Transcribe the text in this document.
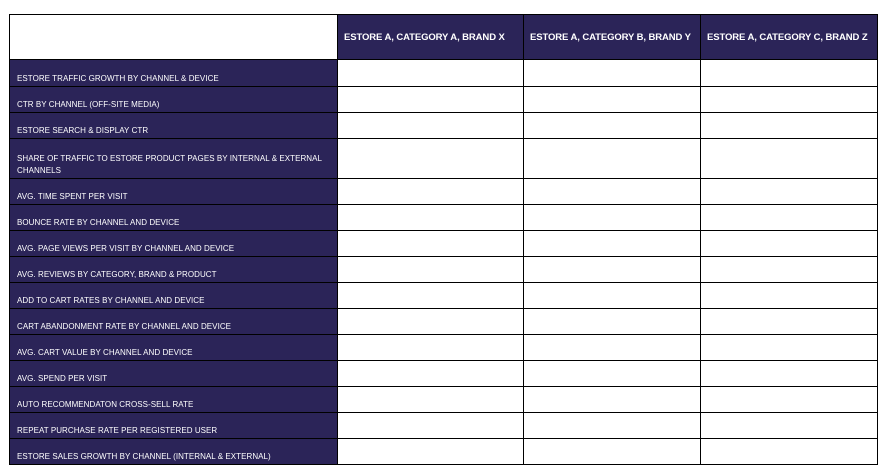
	ESTORE A, CATEGORY A, BRAND X	ESTORE A, CATEGORY B, BRAND Y	ESTORE A, CATEGORY C, BRAND Z
ESTORE TRAFFIC GROWTH BY CHANNEL & DEVICE			
CTR BY CHANNEL (OFF-SITE MEDIA)			
ESTORE SEARCH & DISPLAY CTR			
SHARE OF TRAFFIC TO ESTORE PRODUCT PAGES BY INTERNAL & EXTERNAL CHANNELS			
AVG. TIME SPENT PER VISIT			
BOUNCE RATE BY CHANNEL AND DEVICE			
AVG. PAGE VIEWS PER VISIT BY CHANNEL AND DEVICE			
AVG. REVIEWS BY CATEGORY, BRAND & PRODUCT			
ADD TO CART RATES BY CHANNEL AND DEVICE			
CART ABANDONMENT RATE BY CHANNEL AND DEVICE			
AVG. CART VALUE BY CHANNEL AND DEVICE			
AVG. SPEND PER VISIT			
AUTO RECOMMENDATON CROSS-SELL RATE			
REPEAT PURCHASE RATE PER REGISTERED USER			
ESTORE SALES GROWTH BY CHANNEL (INTERNAL & EXTERNAL)			
